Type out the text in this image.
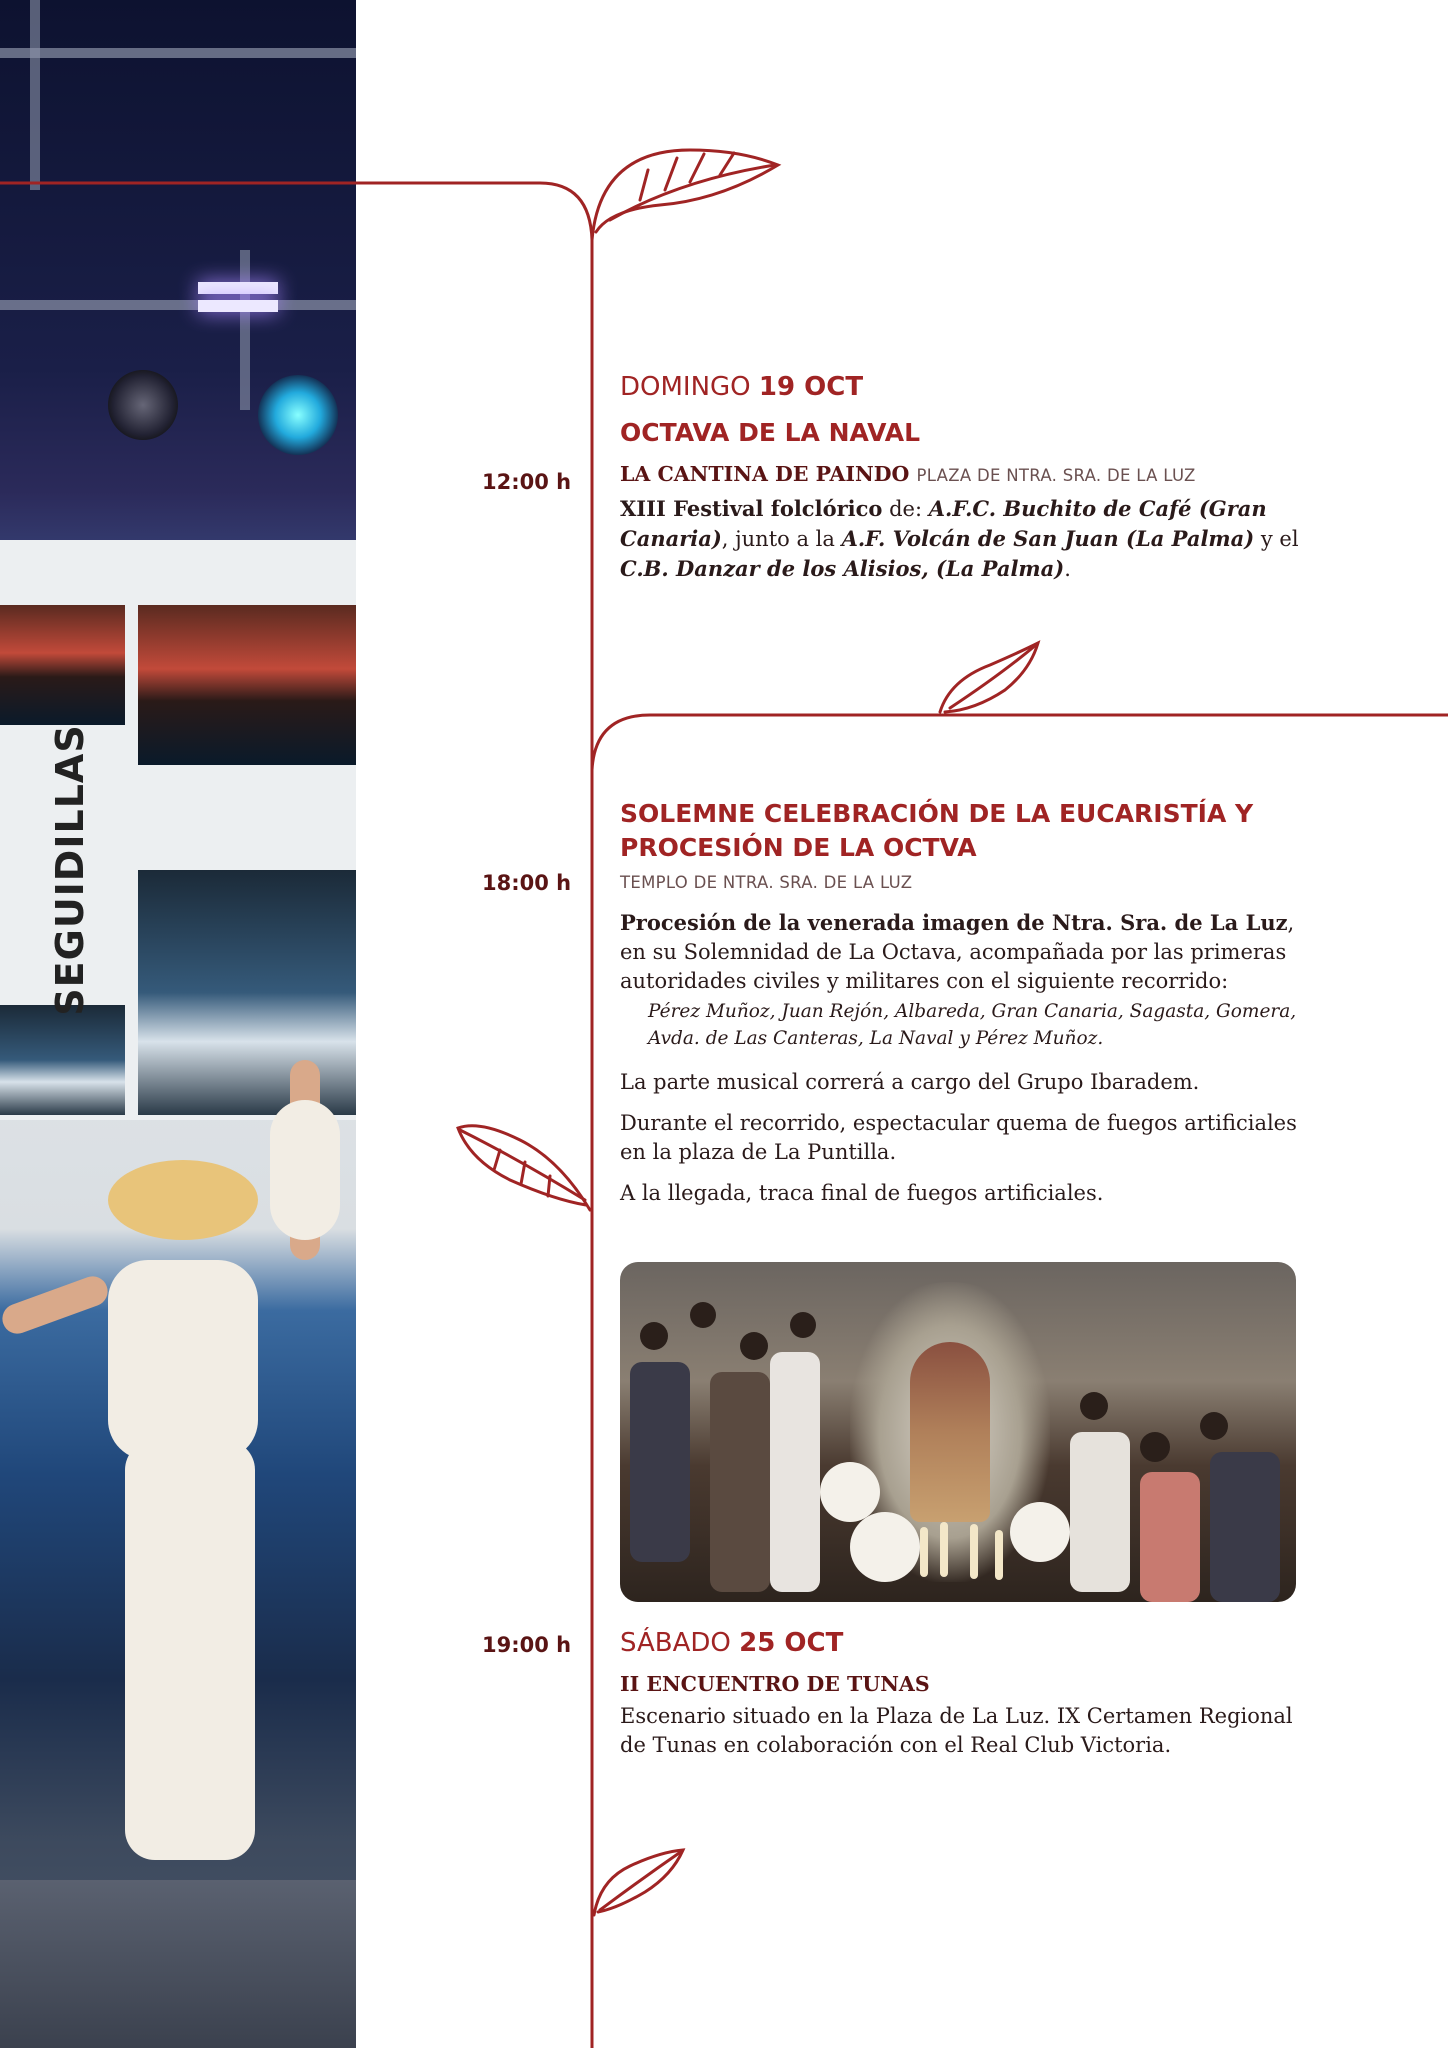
SEGUIDILLAS
12:00 h

DOMINGO 19 OCT

OCTAVA DE LA NAVAL

LA CANTINA DE PAINDO PLAZA DE NTRA. SRA. DE LA LUZ

XIII Festival folclórico de: A.F.C. Buchito de Café (Gran Canaria), junto a la A.F. Volcán de San Juan (La Palma) y el C.B. Danzar de los Alisios, (La Palma).

18:00 h

SOLEMNE CELEBRACIÓN DE LA EUCARISTÍA Y
PROCESIÓN DE LA OCTVA

TEMPLO DE NTRA. SRA. DE LA LUZ

Procesión de la venerada imagen de Ntra. Sra. de La Luz, en su Solemnidad de La Octava, acompañada por las primeras autoridades civiles y militares con el siguiente recorrido:

Pérez Muñoz, Juan Rejón, Albareda, Gran Canaria, Sagasta, Gomera, Avda. de Las Canteras, La Naval y Pérez Muñoz.

La parte musical correrá a cargo del Grupo Ibaradem.

Durante el recorrido, espectacular quema de fuegos artificiales en la plaza de La Puntilla.

A la llegada, traca final de fuegos artificiales.

19:00 h	SÁBADO 25 OCT

II ENCUENTRO DE TUNAS

Escenario situado en la Plaza de La Luz. IX Certamen Regional de Tunas en colaboración con el Real Club Victoria.
